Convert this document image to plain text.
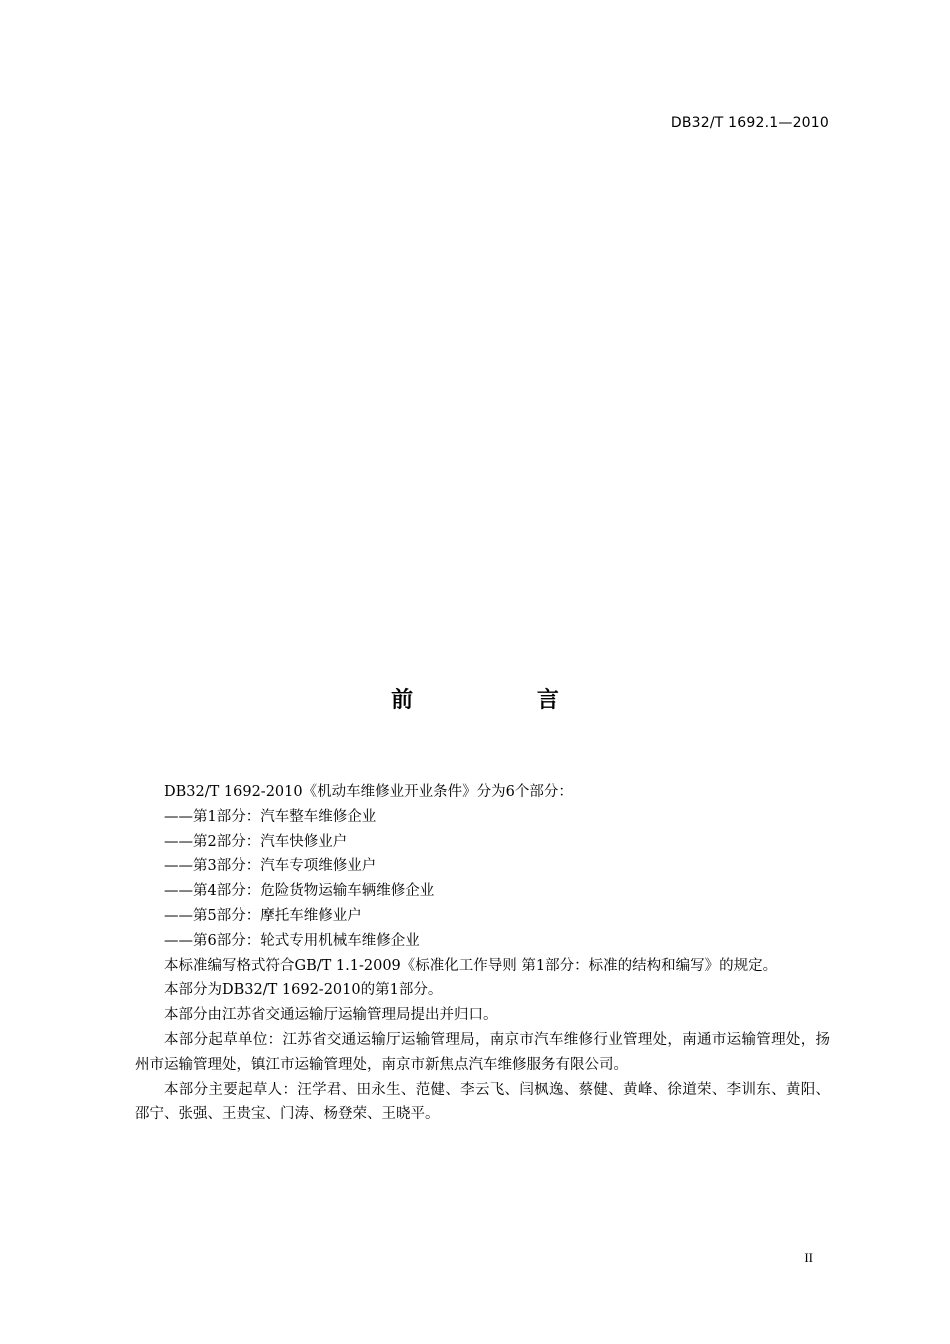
DB32/T 1692.1—2010
前 言

DB32/T 1692-2010《机动车维修业开业条件》分为6个部分：

——第1部分：汽车整车维修企业

——第2部分：汽车快修业户

——第3部分：汽车专项维修业户

——第4部分：危险货物运输车辆维修企业

——第5部分：摩托车维修业户

——第6部分：轮式专用机械车维修企业

本标准编写格式符合GB/T 1.1-2009《标准化工作导则 第1部分：标准的结构和编写》的规定。

本部分为DB32/T 1692-2010的第1部分。

本部分由江苏省交通运输厅运输管理局提出并归口。

本部分起草单位：江苏省交通运输厅运输管理局，南京市汽车维修行业管理处，南通市运输管理处，扬州市运输管理处，镇江市运输管理处，南京市新焦点汽车维修服务有限公司。

本部分主要起草人：汪学君、田永生、范健、李云飞、闫枫逸、蔡健、黄峰、徐道荣、李训东、黄阳、邵宁、张强、王贵宝、门涛、杨登荣、王晓平。

II
